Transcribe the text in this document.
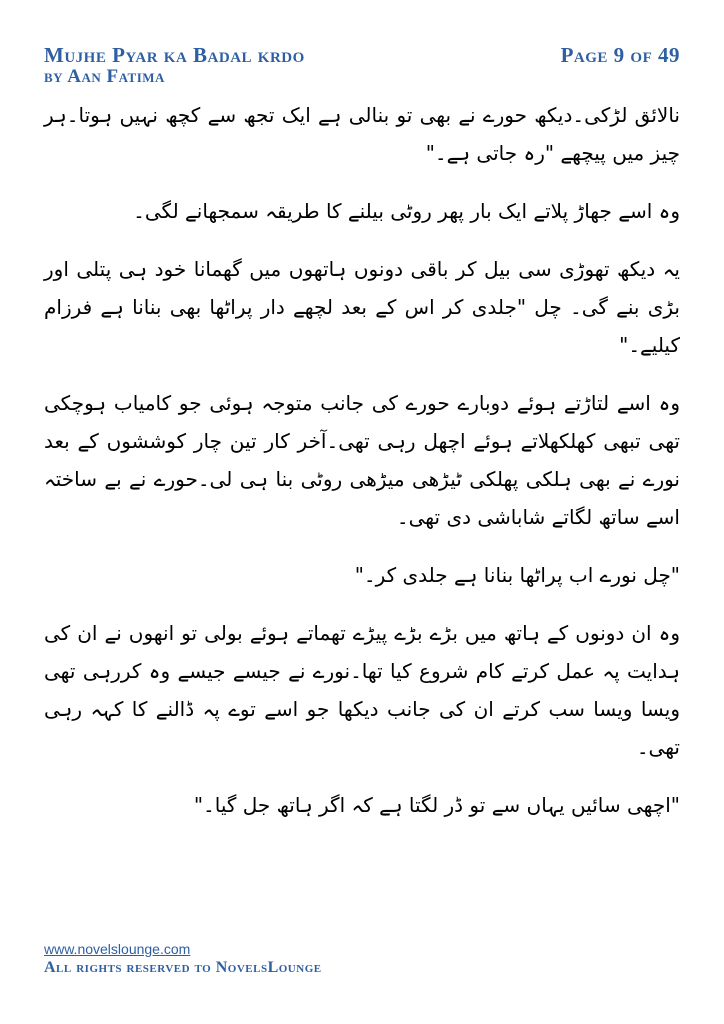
Mujhe Pyar ka Badal krdo
by Aan Fatima
Page 9 of 49

نالائق لڑکی۔دیکھ حورے نے بھی تو بنالی ہے ایک تجھ سے کچھ نہیں ہوتا۔ہر چیز میں پیچھے "رہ جاتی ہے۔"

وہ اسے جھاڑ پلاتے ایک بار پھر روٹی بیلنے کا طریقہ سمجھانے لگی۔

یہ دیکھ تھوڑی سی بیل کر باقی دونوں ہاتھوں میں گھمانا خود ہی پتلی اور بڑی بنے گی۔ چل "جلدی کر اس کے بعد لچھے دار پراٹھا بھی بنانا ہے فرزام کیلیے۔"

وہ اسے لتاڑتے ہوئے دوبارے حورے کی جانب متوجہ ہوئی جو کامیاب ہوچکی تھی تبھی کھلکھلاتے ہوئے اچھل رہی تھی۔آخر کار تین چار کوششوں کے بعد نورے نے بھی ہلکی پھلکی ٹیڑھی میڑھی روٹی بنا ہی لی۔حورے نے بے ساختہ اسے ساتھ لگاتے شاباشی دی تھی۔

"چل نورے اب پراٹھا بنانا ہے جلدی کر۔"

وہ ان دونوں کے ہاتھ میں بڑے بڑے پیڑے تھماتے ہوئے بولی تو انھوں نے ان کی ہدایت پہ عمل کرتے کام شروع کیا تھا۔نورے نے جیسے جیسے وہ کررہی تھی ویسا ویسا سب کرتے ان کی جانب دیکھا جو اسے توے پہ ڈالنے کا کہہ رہی تھی۔

"اچھی سائیں یہاں سے تو ڈر لگتا ہے کہ اگر ہاتھ جل گیا۔"

www.novelslounge.com
All rights reserved to NovelsLounge
